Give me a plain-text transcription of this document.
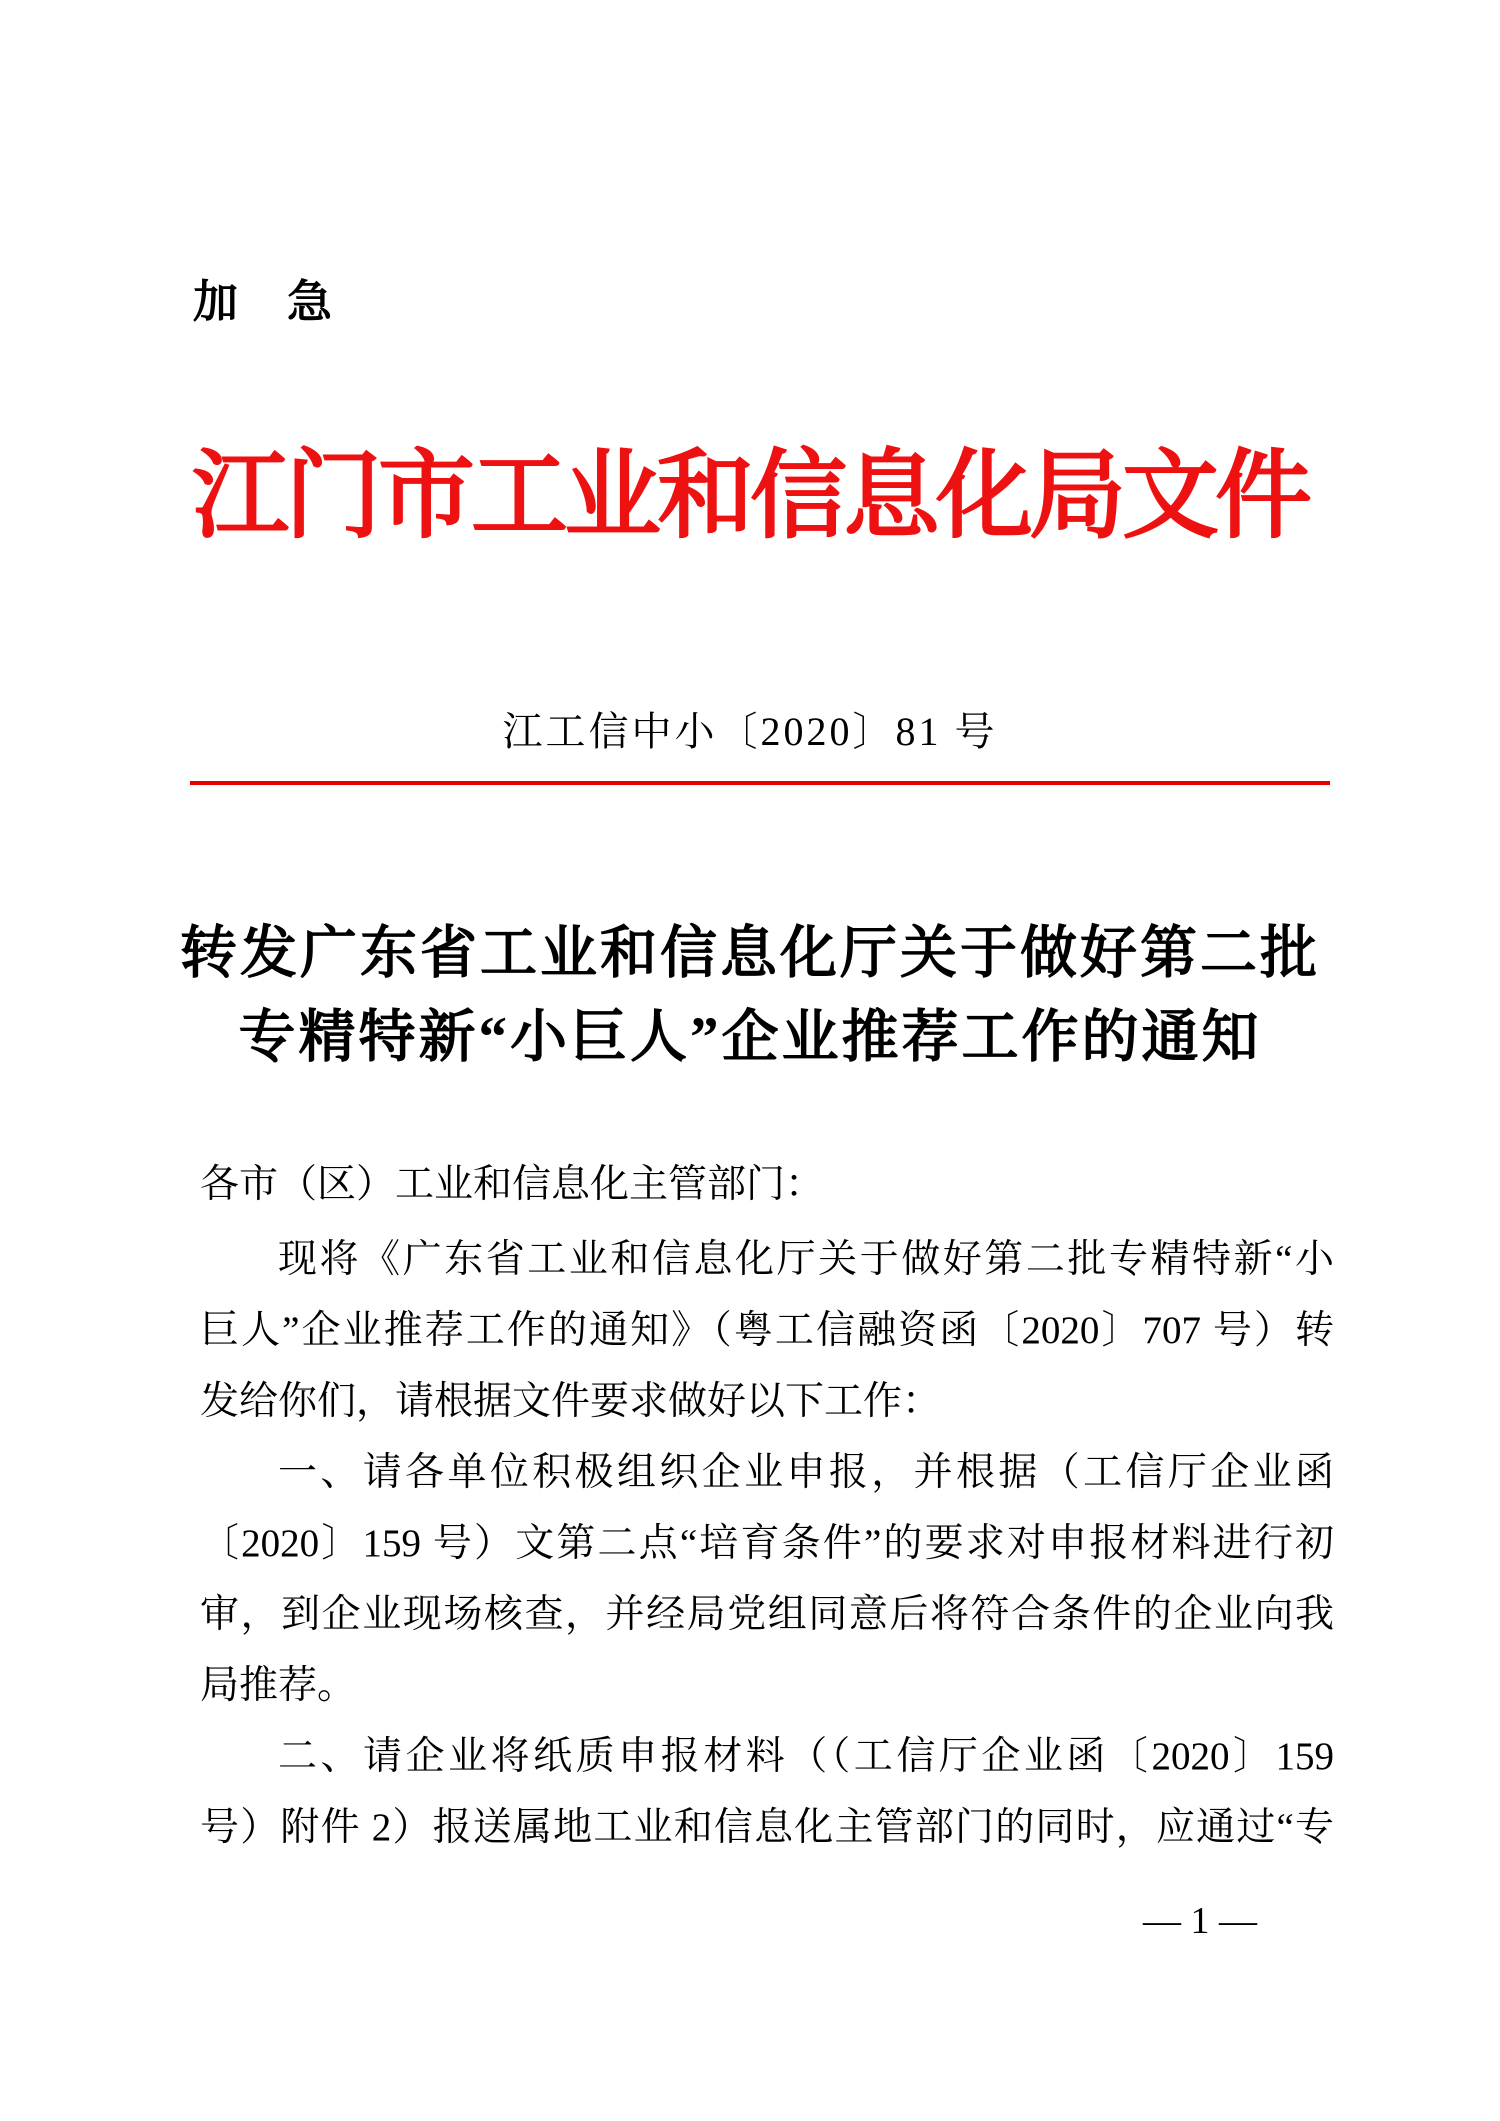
加　急
江门市工业和信息化局文件
江工信中小〔2020〕81 号
转发广东省工业和信息化厅关于做好第二批
专精特新“小巨人”企业推荐工作的通知
各市（区）工业和信息化主管部门：
现将《广东省工业和信息化厅关于做好第二批专精特新“小
巨人”企业推荐工作的通知》（粤工信融资函〔2020〕707 号）转
发给你们，请根据文件要求做好以下工作：
一、请各单位积极组织企业申报，并根据（工信厅企业函
〔2020〕159 号）文第二点“培育条件”的要求对申报材料进行初
审，到企业现场核查，并经局党组同意后将符合条件的企业向我
局推荐。
二、请企业将纸质申报材料（（工信厅企业函〔2020〕159
号）附件 2）报送属地工业和信息化主管部门的同时，应通过“专
— 1 —
